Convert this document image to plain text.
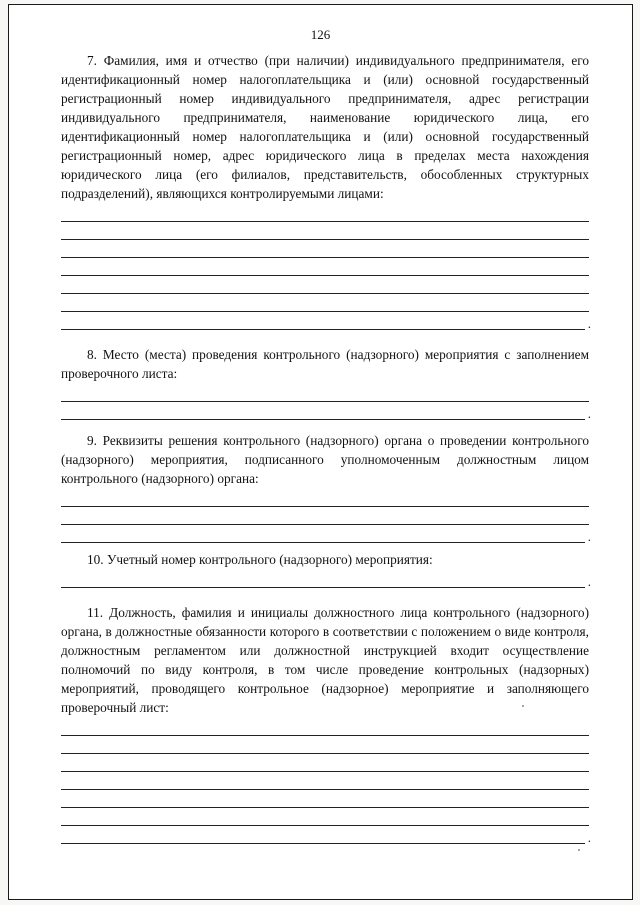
126

7. Фамилия, имя и отчество (при наличии) индивидуального предпринимателя, его идентификационный номер налогоплательщика и (или) основной государственный регистрационный номер индивидуального предпринимателя, адрес регистрации индивидуального предпринимателя, наименование юридического лица, его идентификационный номер налогоплательщика и (или) основной государственный регистрационный номер, адрес юридического лица в пределах места нахождения юридического лица (его филиалов, представительств, обособленных структурных подразделений), являющихся контролируемыми лицами:

.

8. Место (места) проведения контрольного (надзорного) мероприятия с заполнением проверочного листа:

.

9. Реквизиты решения контрольного (надзорного) органа о проведении контрольного (надзорного) мероприятия, подписанного уполномоченным должностным лицом контрольного (надзорного) органа:

.

10. Учетный номер контрольного (надзорного) мероприятия:

.

11. Должность, фамилия и инициалы должностного лица контрольного (надзорного) органа, в должностные обязанности которого в соответствии с положением о виде контроля, должностным регламентом или должностной инструкцией входит осуществление полномочий по виду контроля, в том числе проведение контрольных (надзорных) мероприятий, проводящего контрольное (надзорное) мероприятие и заполняющего проверочный лист:

.
